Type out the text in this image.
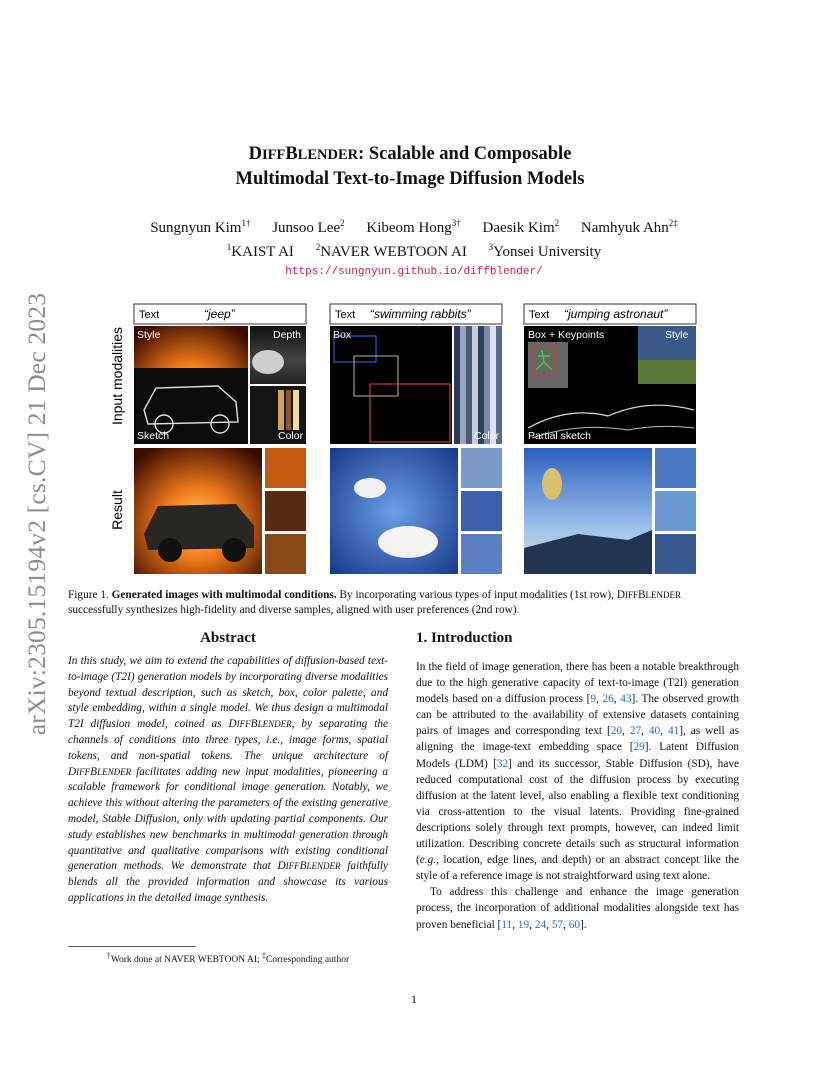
arXiv:2305.15194v2 [cs.CV] 21 Dec 2023
DIFFBLENDER: Scalable and Composable
Multimodal Text-to-Image Diffusion Models
Sungnyun Kim$^{1\dagger}$ Junsoo Lee$^2$ Kibeom Hong$^{3\dagger}$ Daesik Kim$^2$ Namhyuk Ahn$^{2\ddagger}$
$^1$KAIST AI $^2$NAVER WEBTOON AI $^3$Yonsei University
https://sungnyun.github.io/diffblender/
Input modalities
Result
Text	“jeep”
Style	Depth
Sketch	Color
Text “swimming rabbits”
Box
Color
Text “jumping astronaut”
Box + Keypoints	Style
Partial sketch
Figure 1. Generated images with multimodal conditions. By incorporating various types of input modalities (1st row), DIFFBLENDER
successfully synthesizes high-fidelity and diverse samples, aligned with user preferences (2nd row).
Abstract
In this study, we aim to extend the capabilities of diffusion-based text-to-image (T2I) generation models by incorporating diverse modalities beyond textual description, such as sketch, box, color palette, and style embedding, within a single model. We thus design a multimodal T2I diffusion model, coined as DIFFBLENDER, by separating the channels of conditions into three types, i.e., image forms, spatial tokens, and non-spatial tokens. The unique architecture of DIFFBLENDER facilitates adding new input modalities, pioneering a scalable framework for conditional image generation. Notably, we achieve this without altering the parameters of the existing generative model, Stable Diffusion, only with updating partial components. Our study establishes new benchmarks in multimodal generation through quantitative and qualitative comparisons with existing conditional generation methods. We demonstrate that DIFFBLENDER faithfully blends all the provided information and showcase its various applications in the detailed image synthesis.
†Work done at NAVER WEBTOON AI; ‡Corresponding author
1. Introduction

In the field of image generation, there has been a notable breakthrough due to the high generative capacity of text-to-image (T2I) generation models based on a diffusion process [9, 26, 43]. The observed growth can be attributed to the availability of extensive datasets containing pairs of images and corresponding text [20, 27, 40, 41], as well as aligning the image-text embedding space [29]. Latent Diffusion Models (LDM) [32] and its successor, Stable Diffusion (SD), have reduced computational cost of the diffusion process by executing diffusion at the latent level, also enabling a flexible text conditioning via cross-attention to the visual latents. Providing fine-grained descriptions solely through text prompts, however, can indeed limit utilization. Describing concrete details such as structural information (e.g., location, edge lines, and depth) or an abstract concept like the style of a reference image is not straightforward using text alone.

To address this challenge and enhance the image generation process, the incorporation of additional modalities alongside text has proven beneficial [11, 19, 24, 57, 60].

1
